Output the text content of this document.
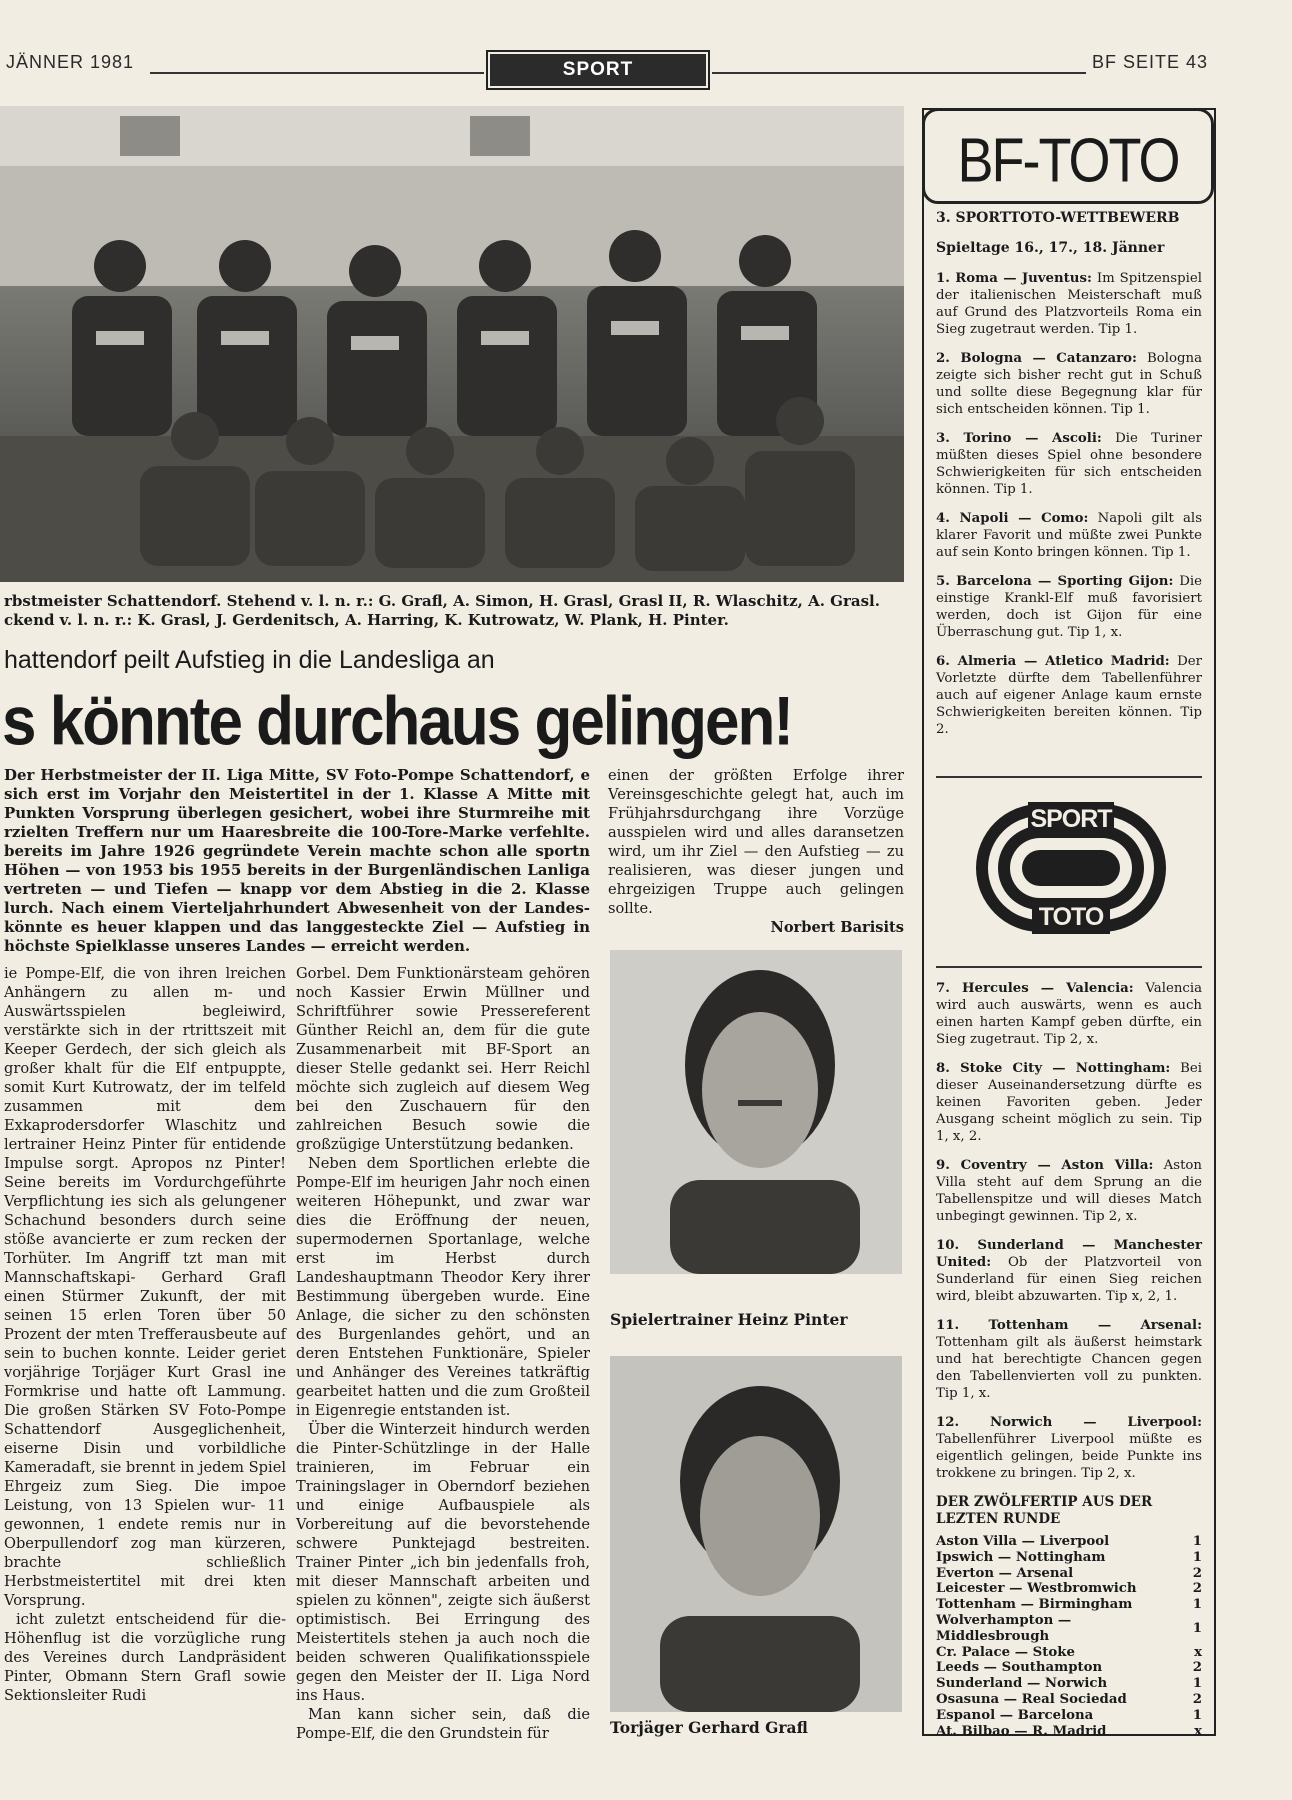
JÄNNER 1981	SPORT	BF SEITE 43
rbstmeister Schattendorf. Stehend v. l. n. r.: G. Grafl, A. Simon, H. Grasl, Grasl II, R. Wlaschitz, A. Grasl.
ckend v. l. n. r.: K. Grasl, J. Gerdenitsch, A. Harring, K. Kutrowatz, W. Plank, H. Pinter.
hattendorf peilt Aufstieg in die Landesliga an
s könnte durchaus gelingen!
Der Herbstmeister der II. Liga Mitte, SV Foto-Pompe Schattendorf, e sich erst im Vorjahr den Meistertitel in der 1. Klasse A Mitte mit Punkten Vorsprung überlegen gesichert, wobei ihre Sturmreihe mit rzielten Treffern nur um Haaresbreite die 100-Tore-Marke verfehlte. bereits im Jahre 1926 gegründete Verein machte schon alle sportn Höhen — von 1953 bis 1955 bereits in der Burgenländischen Lanliga vertreten — und Tiefen — knapp vor dem Abstieg in die 2. Klasse lurch. Nach einem Vierteljahrhundert Abwesenheit von der Landes- könnte es heuer klappen und das langgesteckte Ziel — Aufstieg in höchste Spielklasse unseres Landes — erreicht werden.

einen der größten Erfolge ihrer Vereinsgeschichte gelegt hat, auch im Frühjahrsdurchgang ihre Vorzüge ausspielen wird und alles daransetzen wird, um ihr Ziel — den Aufstieg — zu realisieren, was dieser jungen und ehrgeizigen Truppe auch gelingen sollte.

Norbert Barisits

ie Pompe-Elf, die von ihren lreichen Anhängern zu allen m- und Auswärtsspielen begleiwird, verstärkte sich in der rtrittszeit mit Keeper Gerdech, der sich gleich als großer khalt für die Elf entpuppte, somit Kurt Kutrowatz, der im telfeld zusammen mit dem Exkaprodersdorfer Wlaschitz und lertrainer Heinz Pinter für entidende Impulse sorgt. Apropos nz Pinter! Seine bereits im Vordurchgeführte Verpflichtung ies sich als gelungener Schachund besonders durch seine stöße avancierte er zum recken der Torhüter. Im Angriff tzt man mit Mannschaftskapi- Gerhard Grafl einen Stürmer Zukunft, der mit seinen 15 erlen Toren über 50 Prozent der mten Trefferausbeute auf sein to buchen konnte. Leider geriet vorjährige Torjäger Kurt Grasl ine Formkrise und hatte oft Lammung. Die großen Stärken SV Foto-Pompe Schattendorf Ausgeglichenheit, eiserne Disin und vorbildliche Kameradaft, sie brennt in jedem Spiel Ehrgeiz zum Sieg. Die impoe Leistung, von 13 Spielen wur- 11 gewonnen, 1 endete remis nur in Oberpullendorf zog man kürzeren, brachte schließlich Herbstmeistertitel mit drei kten Vorsprung.

icht zuletzt entscheidend für die- Höhenflug ist die vorzügliche rung des Vereines durch Landpräsident Pinter, Obmann Stern Grafl sowie Sektionsleiter Rudi

Gorbel. Dem Funktionärsteam gehören noch Kassier Erwin Müllner und Schriftführer sowie Pressereferent Günther Reichl an, dem für die gute Zusammenarbeit mit BF-Sport an dieser Stelle gedankt sei. Herr Reichl möchte sich zugleich auf diesem Weg bei den Zuschauern für den zahlreichen Besuch sowie die großzügige Unterstützung bedanken.

Neben dem Sportlichen erlebte die Pompe-Elf im heurigen Jahr noch einen weiteren Höhepunkt, und zwar war dies die Eröffnung der neuen, supermodernen Sportanlage, welche erst im Herbst durch Landeshauptmann Theodor Kery ihrer Bestimmung übergeben wurde. Eine Anlage, die sicher zu den schönsten des Burgenlandes gehört, und an deren Entstehen Funktionäre, Spieler und Anhänger des Vereines tatkräftig gearbeitet hatten und die zum Großteil in Eigenregie entstanden ist.

Über die Winterzeit hindurch werden die Pinter-Schützlinge in der Halle trainieren, im Februar ein Trainingslager in Oberndorf beziehen und einige Aufbauspiele als Vorbereitung auf die bevorstehende schwere Punktejagd bestreiten. Trainer Pinter „ich bin jedenfalls froh, mit dieser Mannschaft arbeiten und spielen zu können", zeigte sich äußerst optimistisch. Bei Erringung des Meistertitels stehen ja auch noch die beiden schweren Qualifikationsspiele gegen den Meister der II. Liga Nord ins Haus.

Man kann sicher sein, daß die Pompe-Elf, die den Grundstein für

Spielertrainer Heinz Pinter
Torjäger Gerhard Grafl
BF-TOTO
3. SPORTTOTO-WETTBEWERB
Spieltage 16., 17., 18. Jänner
1. Roma — Juventus: Im Spitzenspiel der italienischen Meisterschaft muß auf Grund des Platzvorteils Roma ein Sieg zugetraut werden. Tip 1.
2. Bologna — Catanzaro: Bologna zeigte sich bisher recht gut in Schuß und sollte diese Begegnung klar für sich entscheiden können. Tip 1.
3. Torino — Ascoli: Die Turiner müßten dieses Spiel ohne besondere Schwierigkeiten für sich entscheiden können. Tip 1.
4. Napoli — Como: Napoli gilt als klarer Favorit und müßte zwei Punkte auf sein Konto bringen können. Tip 1.
5. Barcelona — Sporting Gijon: Die einstige Krankl-Elf muß favorisiert werden, doch ist Gijon für eine Überraschung gut. Tip 1, x.
6. Almeria — Atletico Madrid: Der Vorletzte dürfte dem Tabellenführer auch auf eigener Anlage kaum ernste Schwierigkeiten bereiten können. Tip 2.
SPORT
TOTO
7. Hercules — Valencia: Valencia wird auch auswärts, wenn es auch einen harten Kampf geben dürfte, ein Sieg zugetraut. Tip 2, x.
8. Stoke City — Nottingham: Bei dieser Auseinandersetzung dürfte es keinen Favoriten geben. Jeder Ausgang scheint möglich zu sein. Tip 1, x, 2.
9. Coventry — Aston Villa: Aston Villa steht auf dem Sprung an die Tabellenspitze und will dieses Match unbegingt gewinnen. Tip 2, x.
10. Sunderland — Manchester United: Ob der Platzvorteil von Sunderland für einen Sieg reichen wird, bleibt abzuwarten. Tip x, 2, 1.
11. Tottenham — Arsenal: Tottenham gilt als äußerst heimstark und hat berechtigte Chancen gegen den Tabellenvierten voll zu punkten. Tip 1, x.
12. Norwich — Liverpool: Tabellenführer Liverpool müßte es eigentlich gelingen, beide Punkte ins trokkene zu bringen. Tip 2, x.
DER ZWÖLFERTIP AUS DER LEZTEN RUNDE
Aston Villa — Liverpool	1
Ipswich — Nottingham	1
Everton — Arsenal	2
Leicester — Westbromwich	2
Tottenham — Birmingham	1
Wolverhampton — Middlesbrough	1
Cr. Palace — Stoke	x
Leeds — Southampton	2
Sunderland — Norwich	1
Osasuna — Real Sociedad	2
Espanol — Barcelona	1
At. Bilbao — R. Madrid	x
